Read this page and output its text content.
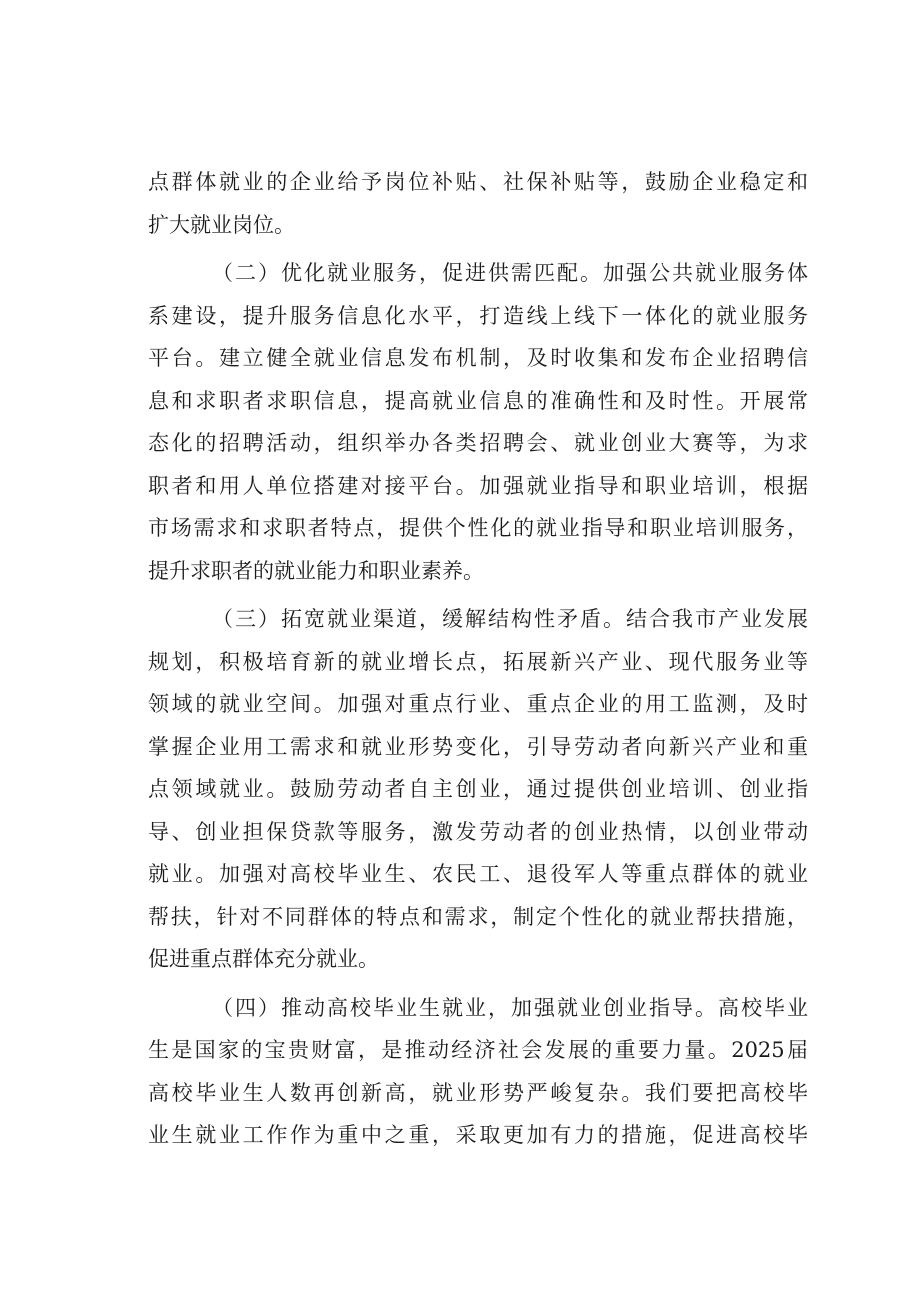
点群体就业的企业给予岗位补贴、社保补贴等，鼓励企业稳定和
扩大就业岗位。
（二）优化就业服务，促进供需匹配。加强公共就业服务体
系建设，提升服务信息化水平，打造线上线下一体化的就业服务
平台。建立健全就业信息发布机制，及时收集和发布企业招聘信
息和求职者求职信息，提高就业信息的准确性和及时性。开展常
态化的招聘活动，组织举办各类招聘会、就业创业大赛等，为求
职者和用人单位搭建对接平台。加强就业指导和职业培训，根据
市场需求和求职者特点，提供个性化的就业指导和职业培训服务，
提升求职者的就业能力和职业素养。
（三）拓宽就业渠道，缓解结构性矛盾。结合我市产业发展
规划，积极培育新的就业增长点，拓展新兴产业、现代服务业等
领域的就业空间。加强对重点行业、重点企业的用工监测，及时
掌握企业用工需求和就业形势变化，引导劳动者向新兴产业和重
点领域就业。鼓励劳动者自主创业，通过提供创业培训、创业指
导、创业担保贷款等服务，激发劳动者的创业热情，以创业带动
就业。加强对高校毕业生、农民工、退役军人等重点群体的就业
帮扶，针对不同群体的特点和需求，制定个性化的就业帮扶措施，
促进重点群体充分就业。
（四）推动高校毕业生就业，加强就业创业指导。高校毕业
生是国家的宝贵财富，是推动经济社会发展的重要力量。2025届
高校毕业生人数再创新高，就业形势严峻复杂。我们要把高校毕
业生就业工作作为重中之重，采取更加有力的措施，促进高校毕
